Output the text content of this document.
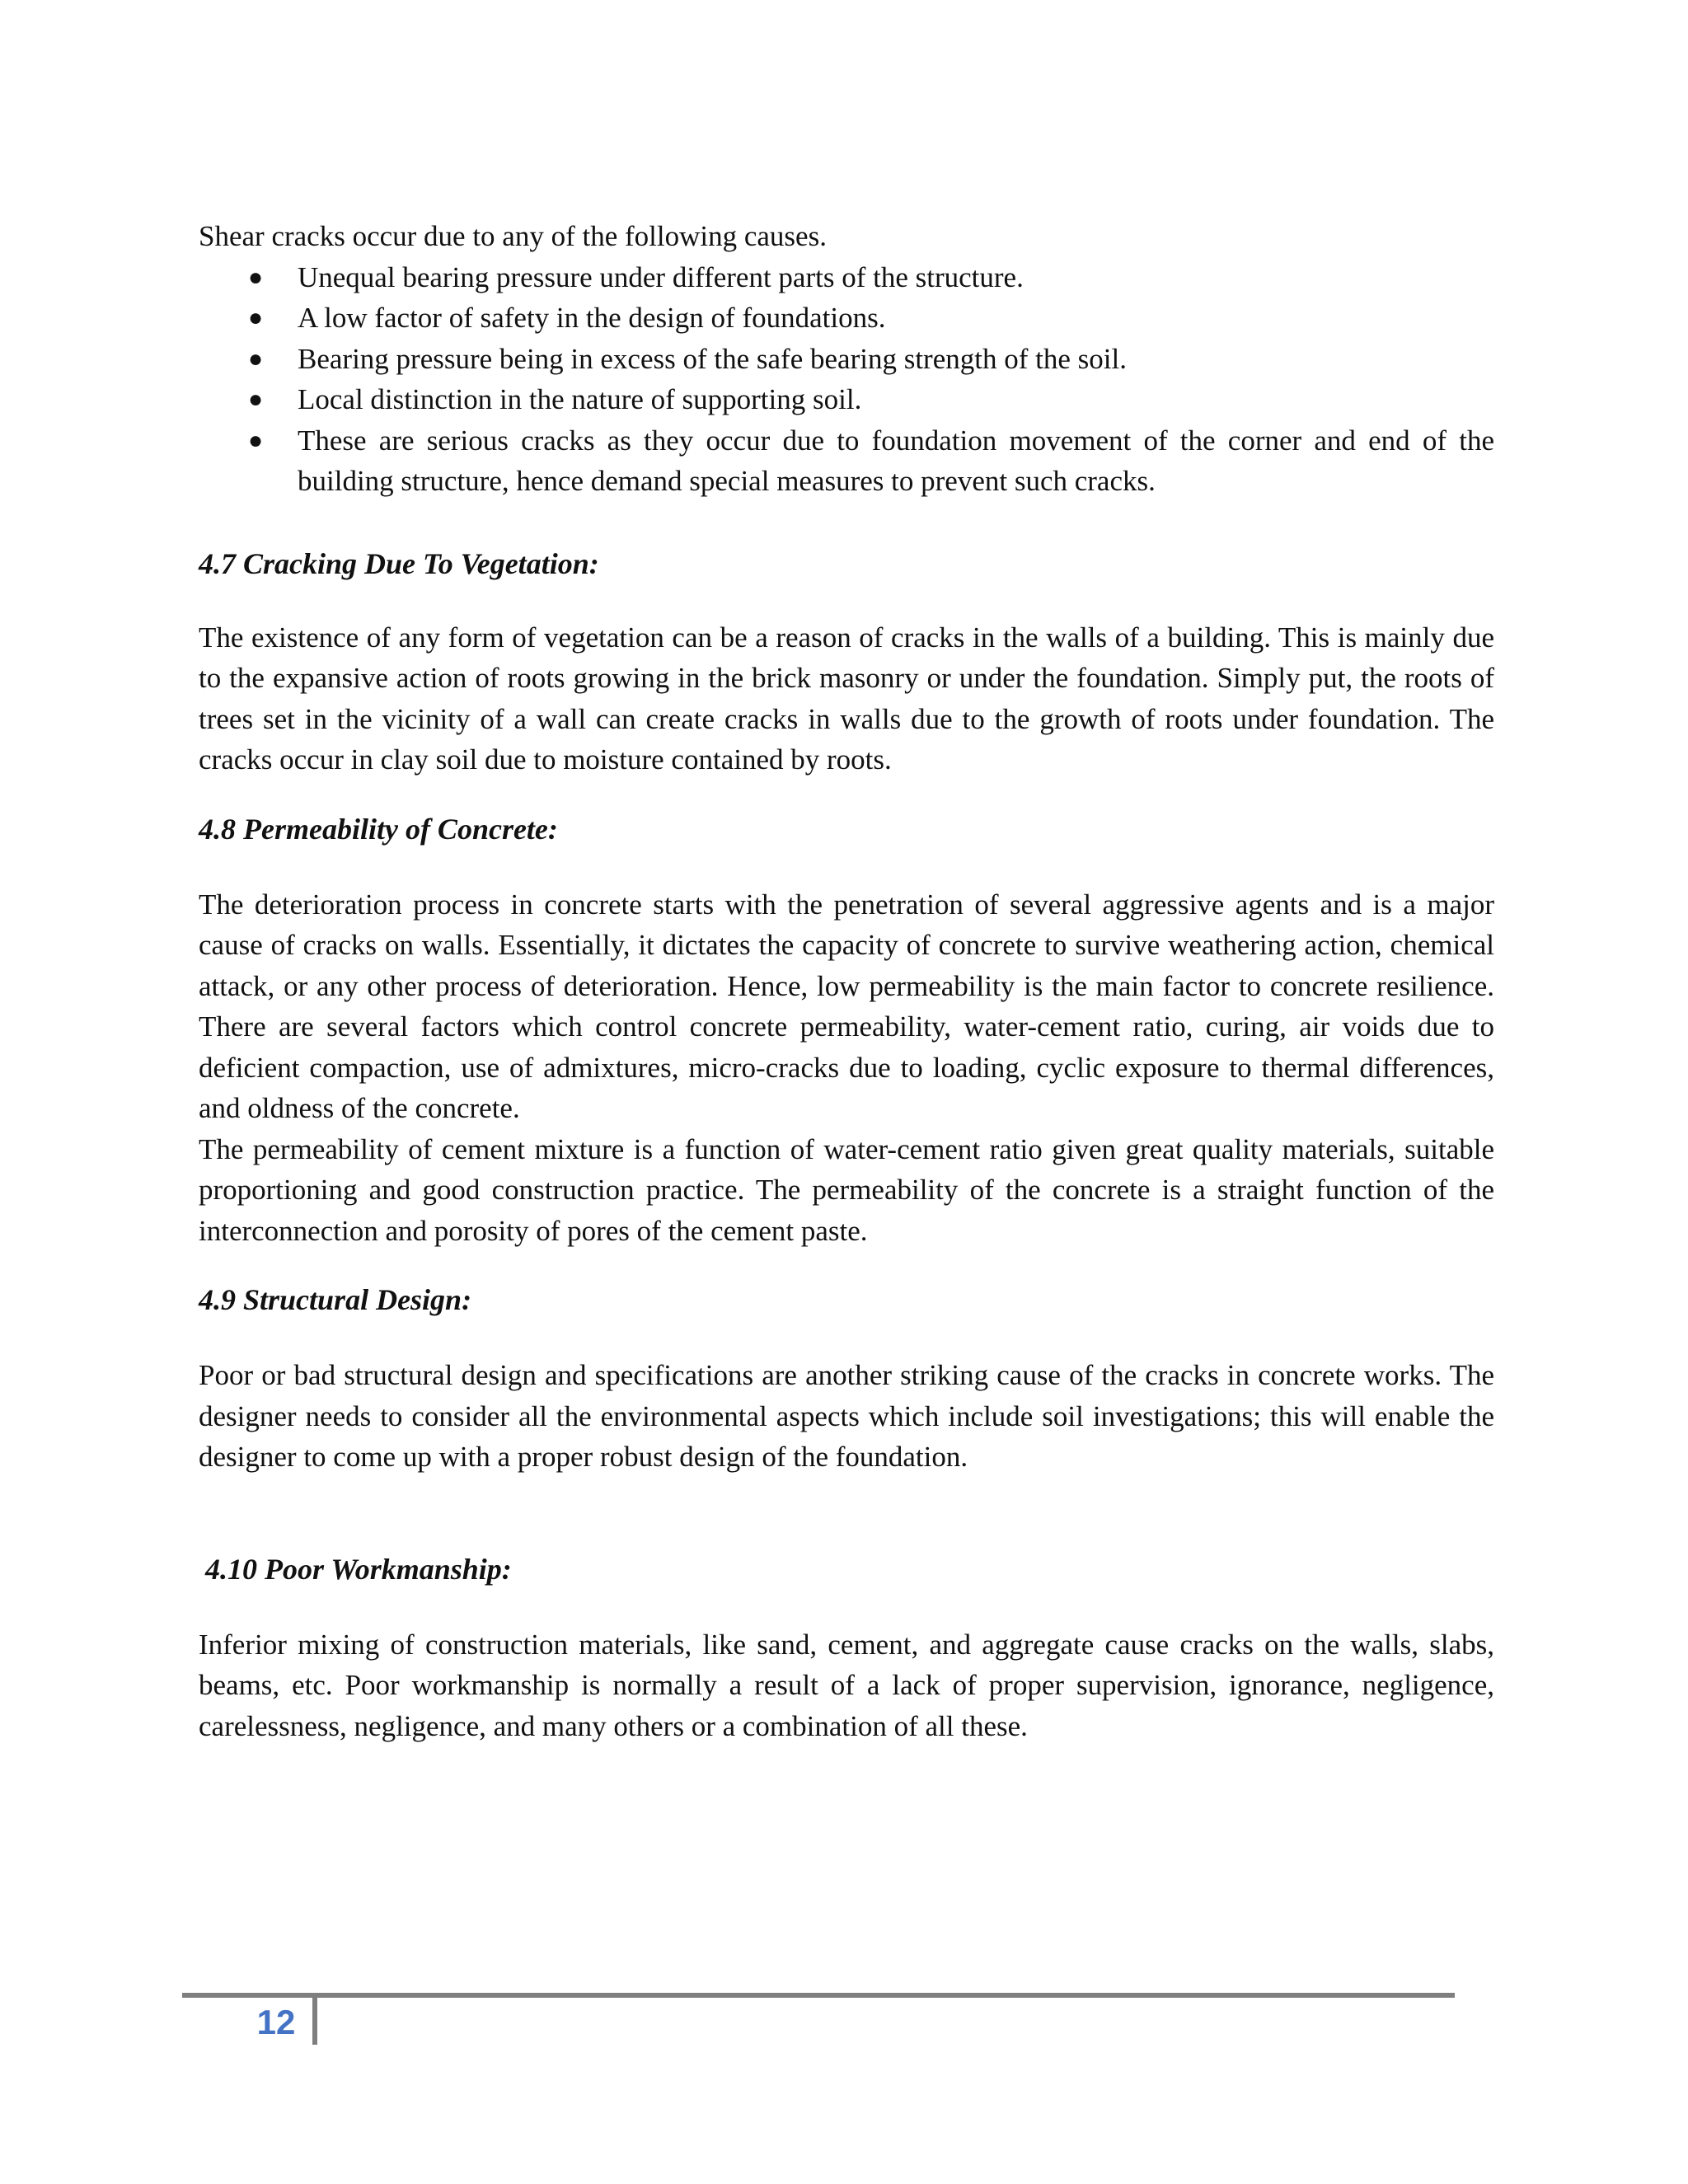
Shear cracks occur due to any of the following causes.

● Unequal bearing pressure under different parts of the structure.
● A low factor of safety in the design of foundations.
● Bearing pressure being in excess of the safe bearing strength of the soil.
● Local distinction in the nature of supporting soil.
● These are serious cracks as they occur due to foundation movement of the corner and end of the building structure, hence demand special measures to prevent such cracks.
4.7 Cracking Due To Vegetation:

The existence of any form of vegetation can be a reason of cracks in the walls of a building. This is mainly due to the expansive action of roots growing in the brick masonry or under the foundation. Simply put, the roots of trees set in the vicinity of a wall can create cracks in walls due to the growth of roots under foundation. The cracks occur in clay soil due to moisture contained by roots.

4.8 Permeability of Concrete:

The deterioration process in concrete starts with the penetration of several aggressive agents and is a major cause of cracks on walls. Essentially, it dictates the capacity of concrete to survive weathering action, chemical attack, or any other process of deterioration. Hence, low permeability is the main factor to concrete resilience. There are several factors which control concrete permeability, water-cement ratio, curing, air voids due to deficient compaction, use of admixtures, micro-cracks due to loading, cyclic exposure to thermal differences, and oldness of the concrete.

The permeability of cement mixture is a function of water-cement ratio given great quality materials, suitable proportioning and good construction practice. The permeability of the concrete is a straight function of the interconnection and porosity of pores of the cement paste.

4.9 Structural Design:

Poor or bad structural design and specifications are another striking cause of the cracks in concrete works. The designer needs to consider all the environmental aspects which include soil investigations; this will enable the designer to come up with a proper robust design of the foundation.

4.10 Poor Workmanship:

Inferior mixing of construction materials, like sand, cement, and aggregate cause cracks on the walls, slabs, beams, etc. Poor workmanship is normally a result of a lack of proper supervision, ignorance, negligence, carelessness, negligence, and many others or a combination of all these.

12
